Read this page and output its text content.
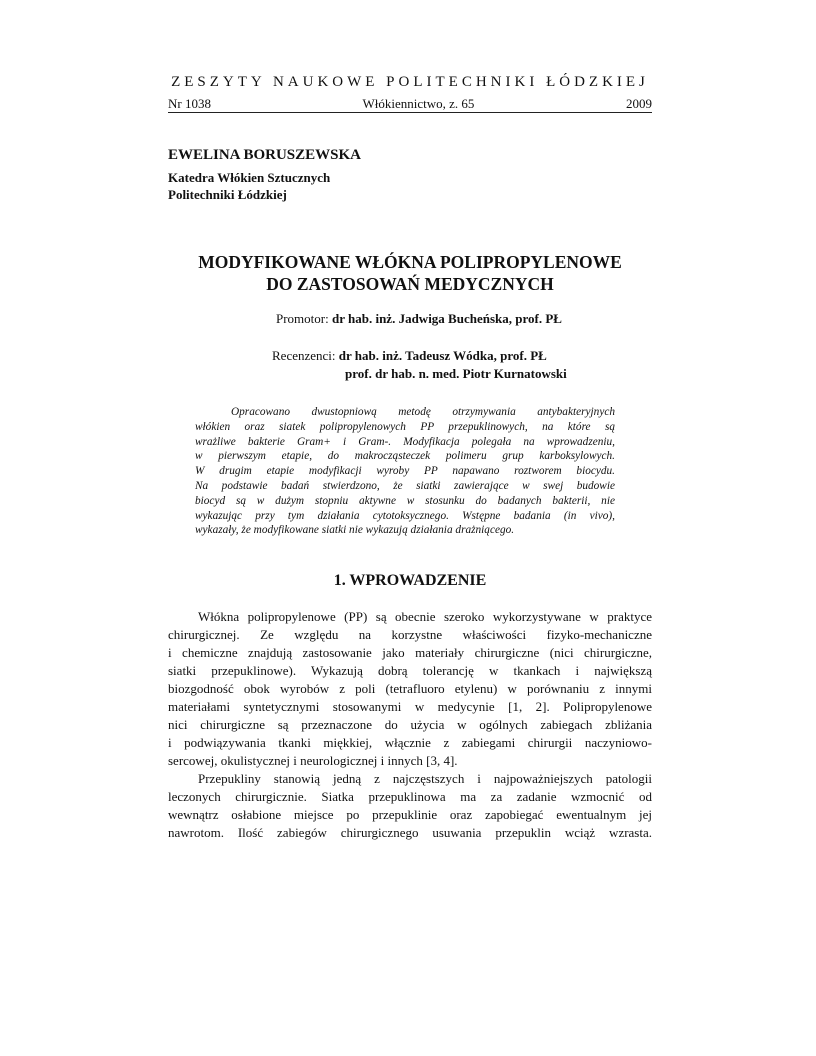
ZESZYTY NAUKOWE POLITECHNIKI ŁÓDZKIEJ
Nr 1038	Włókiennictwo, z. 65	2009
EWELINA BORUSZEWSKA
Katedra Włókien Sztucznych
Politechniki Łódzkiej
MODYFIKOWANE WŁÓKNA POLIPROPYLENOWE
DO ZASTOSOWAŃ MEDYCZNYCH
Promotor: dr hab. inż. Jadwiga Bucheńska, prof. PŁ
Recenzenci: dr hab. inż. Tadeusz Wódka, prof. PŁ
prof. dr hab. n. med. Piotr Kurnatowski
Opracowano dwustopniową metodę otrzymywania antybakteryjnych
włókien oraz siatek polipropylenowych PP przepuklinowych, na które są
wrażliwe bakterie Gram+ i Gram-. Modyfikacja polegała na wprowadzeniu,
w pierwszym etapie, do makrocząsteczek polimeru grup karboksylowych.
W drugim etapie modyfikacji wyroby PP napawano roztworem biocydu.
Na podstawie badań stwierdzono, że siatki zawierające w swej budowie
biocyd są w dużym stopniu aktywne w stosunku do badanych bakterii, nie
wykazując przy tym działania cytotoksycznego. Wstępne badania (in vivo),
wykazały, że modyfikowane siatki nie wykazują działania drażniącego.
1. WPROWADZENIE
Włókna polipropylenowe (PP) są obecnie szeroko wykorzystywane w praktyce
chirurgicznej. Ze względu na korzystne właściwości fizyko-mechaniczne
i chemiczne znajdują zastosowanie jako materiały chirurgiczne (nici chirurgiczne,
siatki przepuklinowe). Wykazują dobrą tolerancję w tkankach i największą
biozgodność obok wyrobów z poli (tetrafluoro etylenu) w porównaniu z innymi
materiałami syntetycznymi stosowanymi w medycynie [1, 2]. Polipropylenowe
nici chirurgiczne są przeznaczone do użycia w ogólnych zabiegach zbliżania
i podwiązywania tkanki miękkiej, włącznie z zabiegami chirurgii naczyniowo-
sercowej, okulistycznej i neurologicznej i innych [3, 4].
Przepukliny stanowią jedną z najczęstszych i najpoważniejszych patologii
leczonych chirurgicznie. Siatka przepuklinowa ma za zadanie wzmocnić od
wewnątrz osłabione miejsce po przepuklinie oraz zapobiegać ewentualnym jej
nawrotom. Ilość zabiegów chirurgicznego usuwania przepuklin wciąż wzrasta.
